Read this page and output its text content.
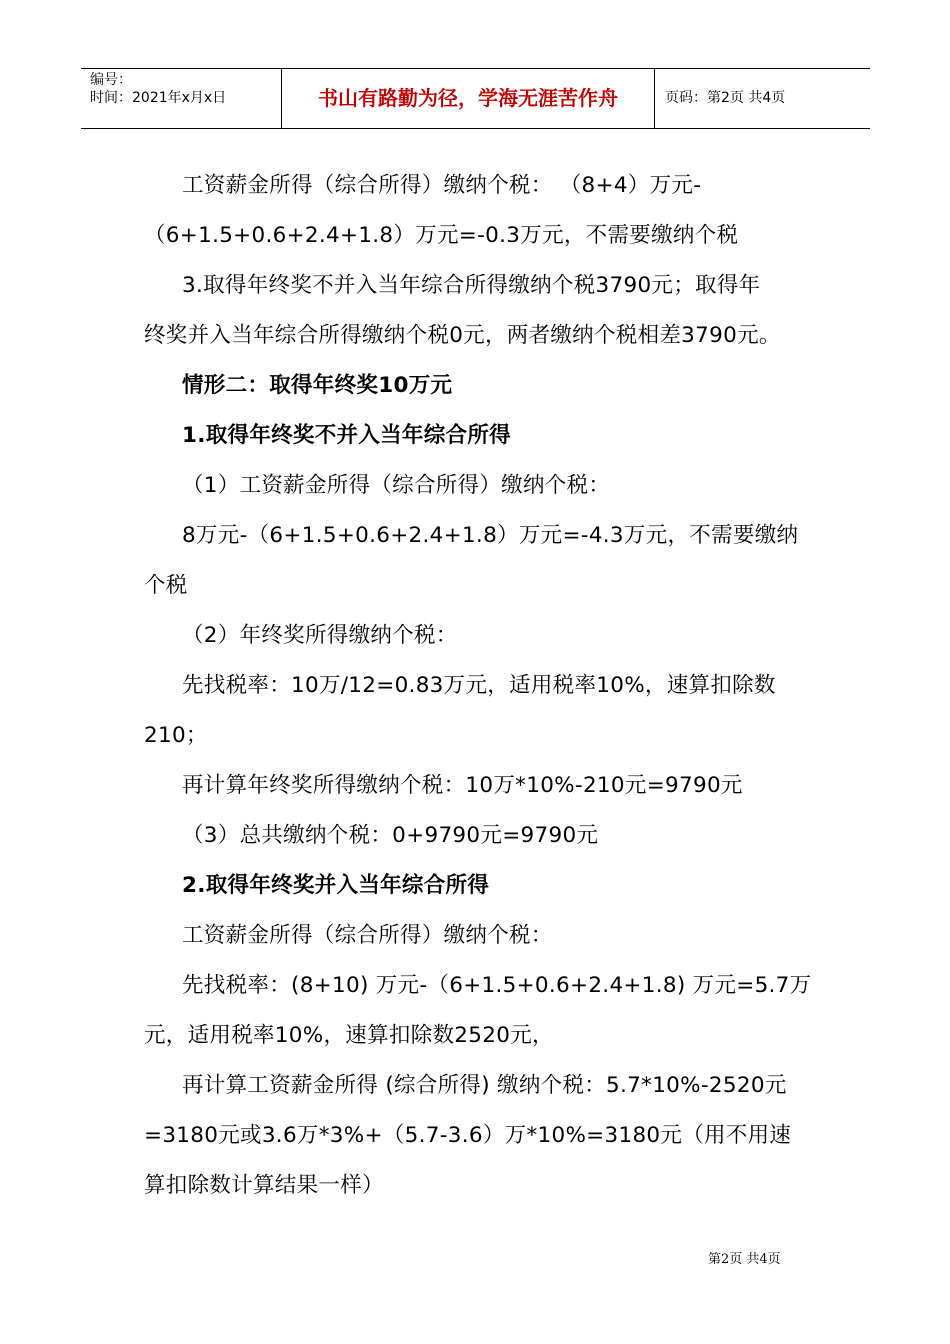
编号：
时间：2021年x月x日	书山有路勤为径，学海无涯苦作舟	页码：第2页 共4页
工资薪金所得（综合所得）缴纳个税： （8+4）万元-
（6+1.5+0.6+2.4+1.8）万元=-0.3万元，不需要缴纳个税
3.取得年终奖不并入当年综合所得缴纳个税3790元；取得年
终奖并入当年综合所得缴纳个税0元，两者缴纳个税相差3790元。
情形二：取得年终奖10万元
1.取得年终奖不并入当年综合所得
（1）工资薪金所得（综合所得）缴纳个税：
8万元-（6+1.5+0.6+2.4+1.8）万元=-4.3万元，不需要缴纳
个税
（2）年终奖所得缴纳个税：
先找税率：10万/12=0.83万元，适用税率10%，速算扣除数
210；
再计算年终奖所得缴纳个税：10万*10%-210元=9790元
（3）总共缴纳个税：0+9790元=9790元
2.取得年终奖并入当年综合所得
工资薪金所得（综合所得）缴纳个税：
先找税率：(8+10) 万元-（6+1.5+0.6+2.4+1.8) 万元=5.7万
元，适用税率10%，速算扣除数2520元，
再计算工资薪金所得 (综合所得) 缴纳个税：5.7*10%-2520元
=3180元或3.6万*3%+（5.7-3.6）万*10%=3180元（用不用速
算扣除数计算结果一样）
第2页 共4页
